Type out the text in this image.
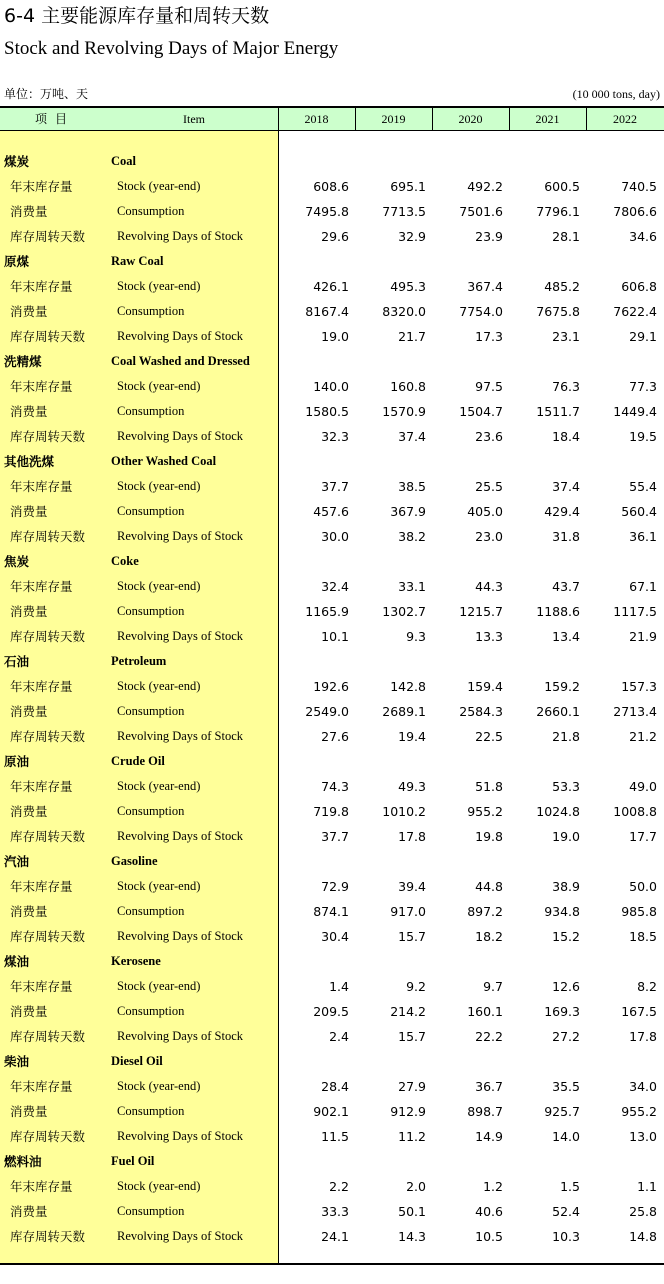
6-4 主要能源库存量和周转天数
Stock and Revolving Days of Major Energy
单位：万吨、天	(10 000 tons, day)
项目	Item	2018	2019	2020	2021	2022
煤炭	Coal
年末库存量	Stock (year-end)	608.6	695.1	492.2	600.5	740.5
消费量	Consumption	7495.8	7713.5	7501.6	7796.1	7806.6
库存周转天数	Revolving Days of Stock	29.6	32.9	23.9	28.1	34.6
原煤	Raw Coal
年末库存量	Stock (year-end)	426.1	495.3	367.4	485.2	606.8
消费量	Consumption	8167.4	8320.0	7754.0	7675.8	7622.4
库存周转天数	Revolving Days of Stock	19.0	21.7	17.3	23.1	29.1
洗精煤	Coal Washed and Dressed
年末库存量	Stock (year-end)	140.0	160.8	97.5	76.3	77.3
消费量	Consumption	1580.5	1570.9	1504.7	1511.7	1449.4
库存周转天数	Revolving Days of Stock	32.3	37.4	23.6	18.4	19.5
其他洗煤	Other Washed Coal
年末库存量	Stock (year-end)	37.7	38.5	25.5	37.4	55.4
消费量	Consumption	457.6	367.9	405.0	429.4	560.4
库存周转天数	Revolving Days of Stock	30.0	38.2	23.0	31.8	36.1
焦炭	Coke
年末库存量	Stock (year-end)	32.4	33.1	44.3	43.7	67.1
消费量	Consumption	1165.9	1302.7	1215.7	1188.6	1117.5
库存周转天数	Revolving Days of Stock	10.1	9.3	13.3	13.4	21.9
石油	Petroleum
年末库存量	Stock (year-end)	192.6	142.8	159.4	159.2	157.3
消费量	Consumption	2549.0	2689.1	2584.3	2660.1	2713.4
库存周转天数	Revolving Days of Stock	27.6	19.4	22.5	21.8	21.2
原油	Crude Oil
年末库存量	Stock (year-end)	74.3	49.3	51.8	53.3	49.0
消费量	Consumption	719.8	1010.2	955.2	1024.8	1008.8
库存周转天数	Revolving Days of Stock	37.7	17.8	19.8	19.0	17.7
汽油	Gasoline
年末库存量	Stock (year-end)	72.9	39.4	44.8	38.9	50.0
消费量	Consumption	874.1	917.0	897.2	934.8	985.8
库存周转天数	Revolving Days of Stock	30.4	15.7	18.2	15.2	18.5
煤油	Kerosene
年末库存量	Stock (year-end)	1.4	9.2	9.7	12.6	8.2
消费量	Consumption	209.5	214.2	160.1	169.3	167.5
库存周转天数	Revolving Days of Stock	2.4	15.7	22.2	27.2	17.8
柴油	Diesel Oil
年末库存量	Stock (year-end)	28.4	27.9	36.7	35.5	34.0
消费量	Consumption	902.1	912.9	898.7	925.7	955.2
库存周转天数	Revolving Days of Stock	11.5	11.2	14.9	14.0	13.0
燃料油	Fuel Oil
年末库存量	Stock (year-end)	2.2	2.0	1.2	1.5	1.1
消费量	Consumption	33.3	50.1	40.6	52.4	25.8
库存周转天数	Revolving Days of Stock	24.1	14.3	10.5	10.3	14.8
